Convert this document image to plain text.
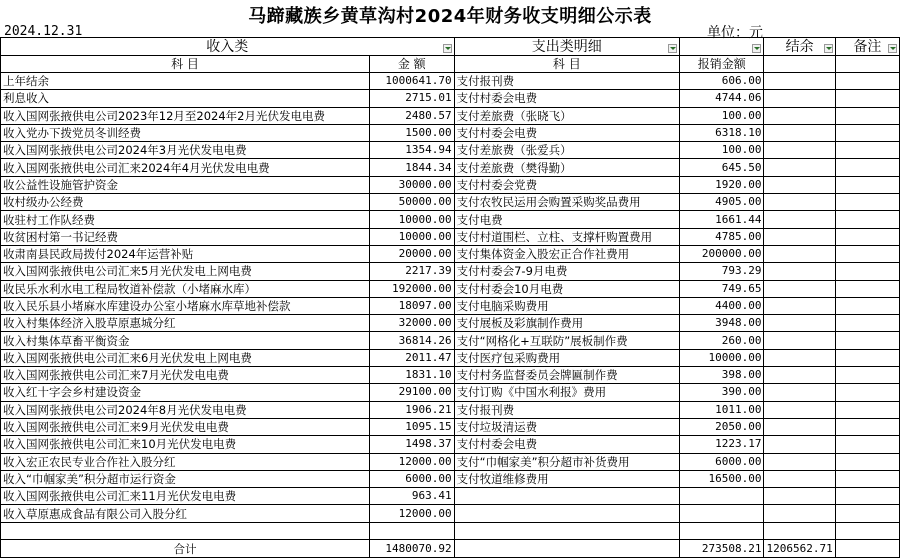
马蹄藏族乡黄草沟村2024年财务收支明细公示表
2024.12.31	单位：元
收入类		支出类明细		结余	备注

科 目	金 额	科 目	报销金额		
上年结余	1000641.70	支付报刊费	606.00		
利息收入	2715.01	支付村委会电费	4744.06		
收入国网张掖供电公司2023年12月至2024年2月光伏发电电费	2480.57	支付差旅费（张晓飞）	100.00		
收入党办下拨党员冬训经费	1500.00	支付村委会电费	6318.10		
收入国网张掖供电公司2024年3月光伏发电电费	1354.94	支付差旅费（张爱兵）	100.00		
收入国网张掖供电公司汇来2024年4月光伏发电电费	1844.34	支付差旅费（樊得勤）	645.50		
收公益性设施管护资金	30000.00	支付村委会党费	1920.00		
收村级办公经费	50000.00	支付农牧民运用会购置采购奖品费用	4905.00		
收驻村工作队经费	10000.00	支付电费	1661.44		
收贫困村第一书记经费	10000.00	支付村道围栏、立柱、支撑杆购置费用	4785.00		
收肃南县民政局拨付2024年运营补贴	20000.00	支付集体资金入股宏正合作社费用	200000.00		
收入国网张掖供电公司汇来5月光伏发电上网电费	2217.39	支付村委会7-9月电费	793.29		
收民乐水利水电工程局牧道补偿款（小堵麻水库）	192000.00	支付村委会10月电费	749.65		
收入民乐县小堵麻水库建设办公室小堵麻水库草地补偿款	18097.00	支付电脑采购费用	4400.00		
收入村集体经济入股草原惠城分红	32000.00	支付展板及彩旗制作费用	3948.00		
收入村集体草畜平衡资金	36814.26	支付“网格化+互联防”展板制作费	260.00		
收入国网张掖供电公司汇来6月光伏发电上网电费	2011.47	支付医疗包采购费用	10000.00		
收入国网张掖供电公司汇来7月光伏发电电费	1831.10	支付村务监督委员会牌匾制作费	398.00		
收入红十字会乡村建设资金	29100.00	支付订购《中国水利报》费用	390.00		
收入国网张掖供电公司2024年8月光伏发电电费	1906.21	支付报刊费	1011.00		
收入国网张掖供电公司汇来9月光伏发电电费	1095.15	支付垃圾清运费	2050.00		
收入国网张掖供电公司汇来10月光伏发电电费	1498.37	支付村委会电费	1223.17		
收入宏正农民专业合作社入股分红	12000.00	支付“巾帼家美”积分超市补货费用	6000.00		
收入“巾帼家美”积分超市运行资金	6000.00	支付牧道维修费用	16500.00		
收入国网张掖供电公司汇来11月光伏发电电费	963.41				
收入草原惠成食品有限公司入股分红	12000.00				

合计	1480070.92		273508.21	1206562.71	
